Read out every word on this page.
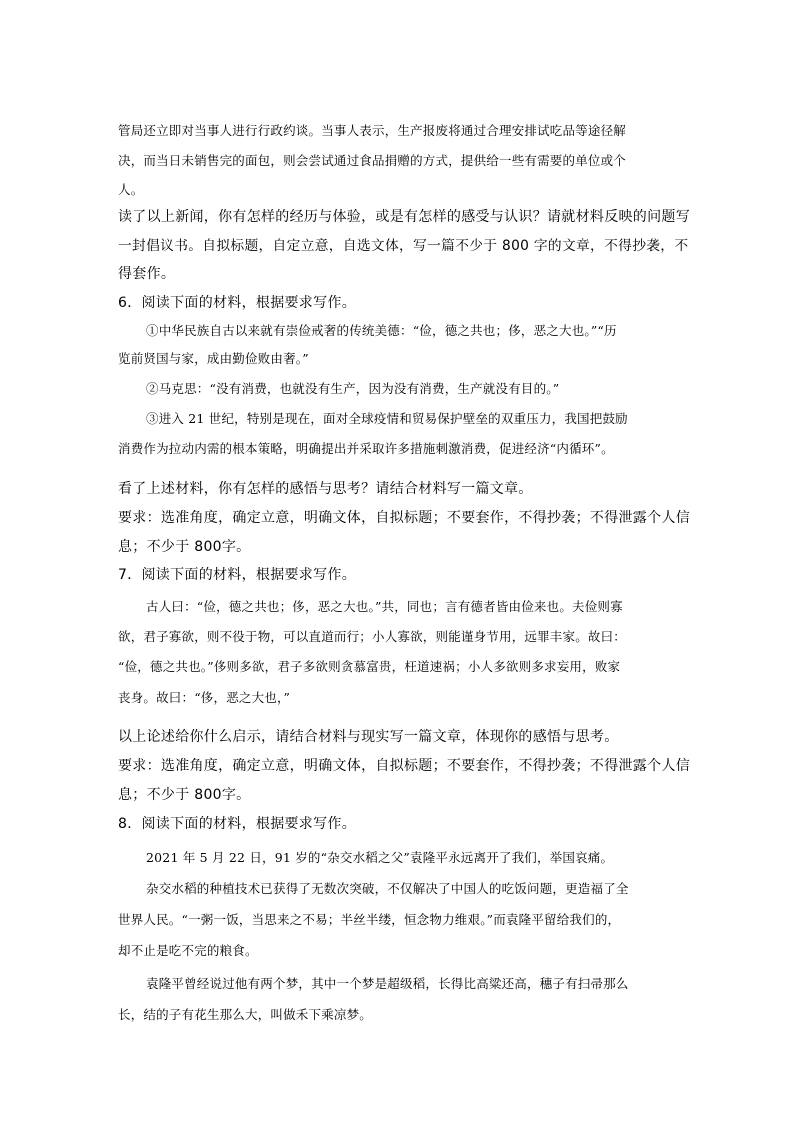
管局还立即对当事人进行行政约谈。当事人表示，生产报废将通过合理安排试吃品等途径解
决，而当日未销售完的面包，则会尝试通过食品捐赠的方式，提供给一些有需要的单位或个
人。
读了以上新闻，你有怎样的经历与体验，或是有怎样的感受与认识？请就材料反映的问题写
一封倡议书。自拟标题，自定立意，自选文体，写一篇不少于 800 字的文章，不得抄袭，不
得套作。
6．阅读下面的材料，根据要求写作。
①中华民族自古以来就有崇俭戒奢的传统美德：“俭，德之共也；侈，恶之大也。”“历
览前贤国与家，成由勤俭败由奢。”
②马克思：“没有消费，也就没有生产，因为没有消费，生产就没有目的。”
③进入 21 世纪，特别是现在，面对全球疫情和贸易保护壁垒的双重压力，我国把鼓励
消费作为拉动内需的根本策略，明确提出并采取许多措施刺激消费，促进经济“内循环”。
看了上述材料，你有怎样的感悟与思考？请结合材料写一篇文章。
要求：选准角度，确定立意，明确文体，自拟标题；不要套作，不得抄袭；不得泄露个人信
息；不少于 800字。
7．阅读下面的材料，根据要求写作。
古人曰：“俭，德之共也；侈，恶之大也。”共，同也；言有德者皆由俭来也。夫俭则寡
欲，君子寡欲，则不役于物，可以直道而行；小人寡欲，则能谨身节用，远罪丰家。故曰：
“俭，德之共也。”侈则多欲，君子多欲则贪慕富贵，枉道速祸；小人多欲则多求妄用，败家
丧身。故曰：“侈，恶之大也，”
以上论述给你什么启示，请结合材料与现实写一篇文章，体现你的感悟与思考。
要求：选准角度，确定立意，明确文体，自拟标题；不要套作，不得抄袭；不得泄露个人信
息；不少于 800字。
8．阅读下面的材料，根据要求写作。
2021 年 5 月 22 日，91 岁的“杂交水稻之父”袁隆平永远离开了我们，举国哀痛。
杂交水稻的种植技术已获得了无数次突破，不仅解决了中国人的吃饭问题，更造福了全
世界人民。“一粥一饭，当思来之不易；半丝半缕，恒念物力维艰。”而袁隆平留给我们的，
却不止是吃不完的粮食。
袁隆平曾经说过他有两个梦，其中一个梦是超级稻，长得比高粱还高，穗子有扫帚那么
长，结的子有花生那么大，叫做禾下乘凉梦。
